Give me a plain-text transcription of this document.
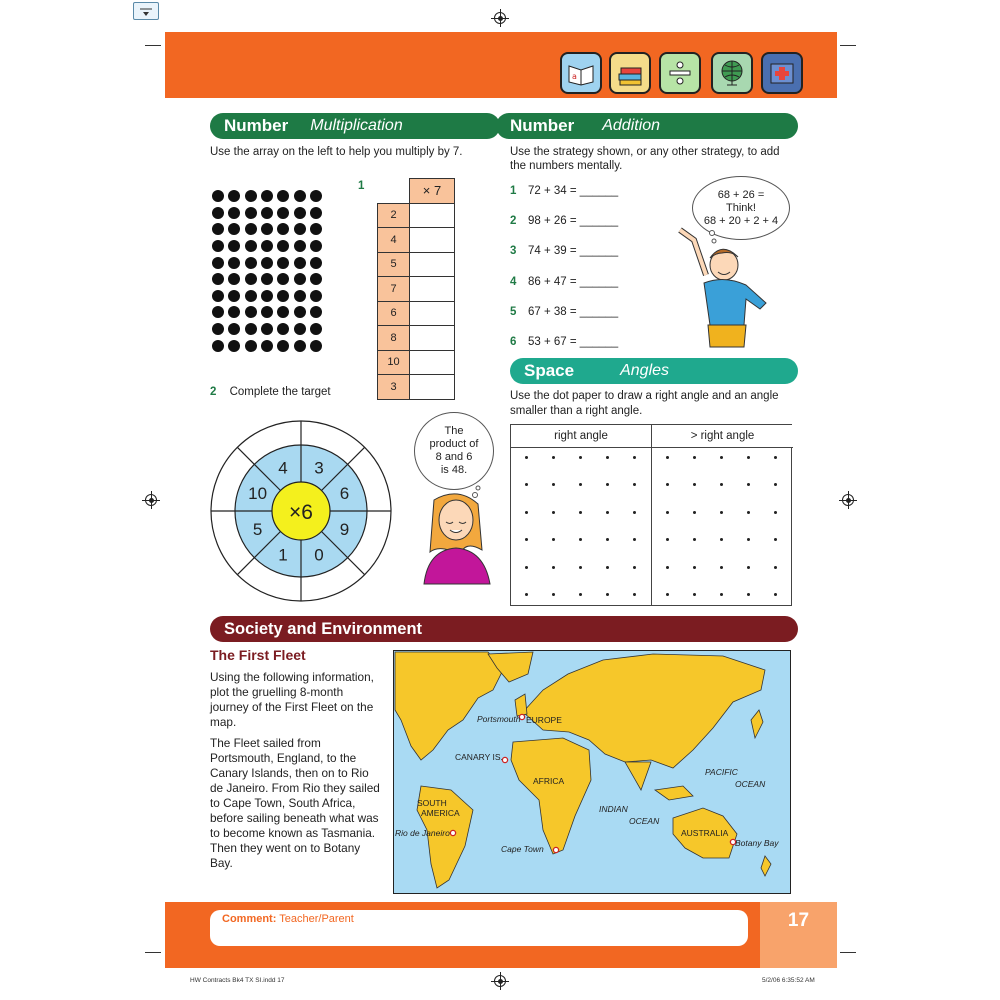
a
Number Multiplication	Number Addition
Use the array on the left to help you multiply by 7.
1
		× 7
2	
4	
5	
7	
6	
8	
10	
3	
2 Complete the target
×6
3
6
9
0
1
5
10
4
The
product of
8 and 6
is 48.
Use the strategy shown, or any other strategy, to add
the numbers mentally.
1 72 + 34 = ______
2 98 + 26 = ______
3 74 + 39 = ______
4 86 + 47 = ______
5 67 + 38 = ______
6 53 + 67 = ______
68 + 26 =
Think!
68 + 20 + 2 + 4
Space	Angles
Use the dot paper to draw a right angle and an angle
smaller than a right angle.
right angle	> right angle
Society and Environment
The First Fleet
Using the following information, plot the gruelling 8-month journey of the First Fleet on the map.
The Fleet sailed from Portsmouth, England, to the Canary Islands, then on to Rio de Janeiro. From Rio they sailed to Cape Town, South Africa, before sailing beneath what was to become known as Tasmania. Then they went on to Botany Bay.
Portsmouth EUROPE
CANARY IS.
AFRICA
SOUTH
AMERICA
Rio de Janeiro
INDIAN
OCEAN
Cape Town
PACIFIC
OCEAN
AUSTRALIA
Botany Bay
Comment: Teacher/Parent	17
HW Contracts Bk4 TX SI.indd 17	5/2/06 6:35:52 AM
